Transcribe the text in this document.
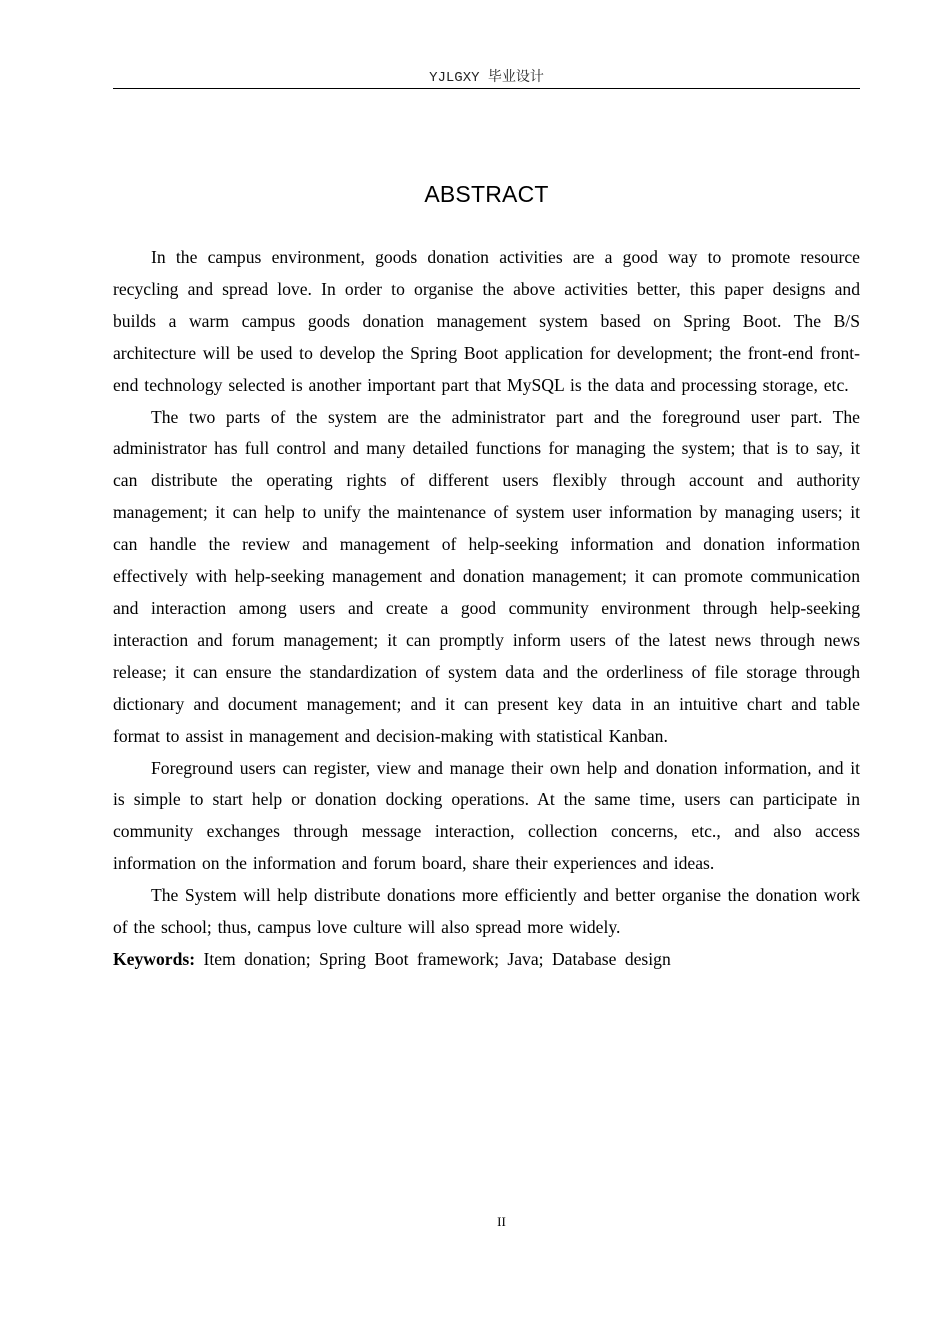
YJLGXY 毕业设计
ABSTRACT

In the campus environment, goods donation activities are a good way to promote resource recycling and spread love. In order to organise the above activities better, this paper designs and builds a warm campus goods donation management system based on Spring Boot. The B/S architecture will be used to develop the Spring Boot application for development; the front-end front-end technology selected is another important part that MySQL is the data and processing storage, etc.

The two parts of the system are the administrator part and the foreground user part. The administrator has full control and many detailed functions for managing the system; that is to say, it can distribute the operating rights of different users flexibly through account and authority management; it can help to unify the maintenance of system user information by managing users; it can handle the review and management of help-seeking information and donation information effectively with help-seeking management and donation management; it can promote communication and interaction among users and create a good community environment through help-seeking interaction and forum management; it can promptly inform users of the latest news through news release; it can ensure the standardization of system data and the orderliness of file storage through dictionary and document management; and it can present key data in an intuitive chart and table format to assist in management and decision-making with statistical Kanban.

Foreground users can register, view and manage their own help and donation information, and it is simple to start help or donation docking operations. At the same time, users can participate in community exchanges through message interaction, collection concerns, etc., and also access information on the information and forum board, share their experiences and ideas.

The System will help distribute donations more efficiently and better organise the donation work of the school; thus, campus love culture will also spread more widely.

Keywords: Item donation; Spring Boot framework; Java; Database design

II
